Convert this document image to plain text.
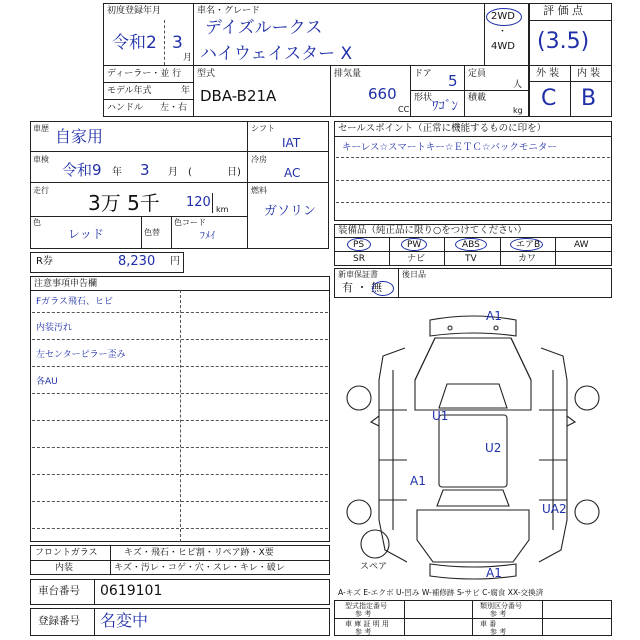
初度登録年月
令和2 3
月
車名・グレード
デイズルークス
ハイウェイスター X
2WD
・
4WD
ディーラー・並 行
モデル年式	年
ハンドル 左・右
型式
DBA-B21A
排気量
660
CC
ドア 5
形状
ﾜｺﾞﾝ
定員
人
積載
kg
評 価 点
(3.5)
外 装 内 装
C B
車歴 自家用
車検
令和9 年 3 月 (	日)
走行
3万 5千 120 km
色
レッド	色替
色コード
ﾌﾒｲ
シフト
IAT
冷房
AC
燃料
ガソリン
R券	8,230 円
セールスポイント（正常に機能するものに印を）
キーレス☆スマートキー☆ＥＴＣ☆バックモニター
装備品（純正品に限り○をつけてください）
PS	PW	ABS	エアB	AW
SR	ナビ	TV	カワ
新車保証書
有 ・ 無
後日品
注意事項申告欄
Fガラス飛石、ヒビ
内装汚れ
左センターピラー歪み
各AU
A1
U1
U2
A1
UA2
A1
スペア
A-キズ E-エクボ U-凹み W-補修跡 S-サビ C-腐食 XX-交換済
型式指定番号
参 考
類別区分番号
参 考
車 庫 証 明 用
参 考
車 番
参 考
フロントガラス	キズ・飛石・ヒビ割・リペア跡・X要
内装	キズ・汚レ・コゲ・穴・スレ・キレ・破レ
車台番号 0619101
登録番号 名変中
